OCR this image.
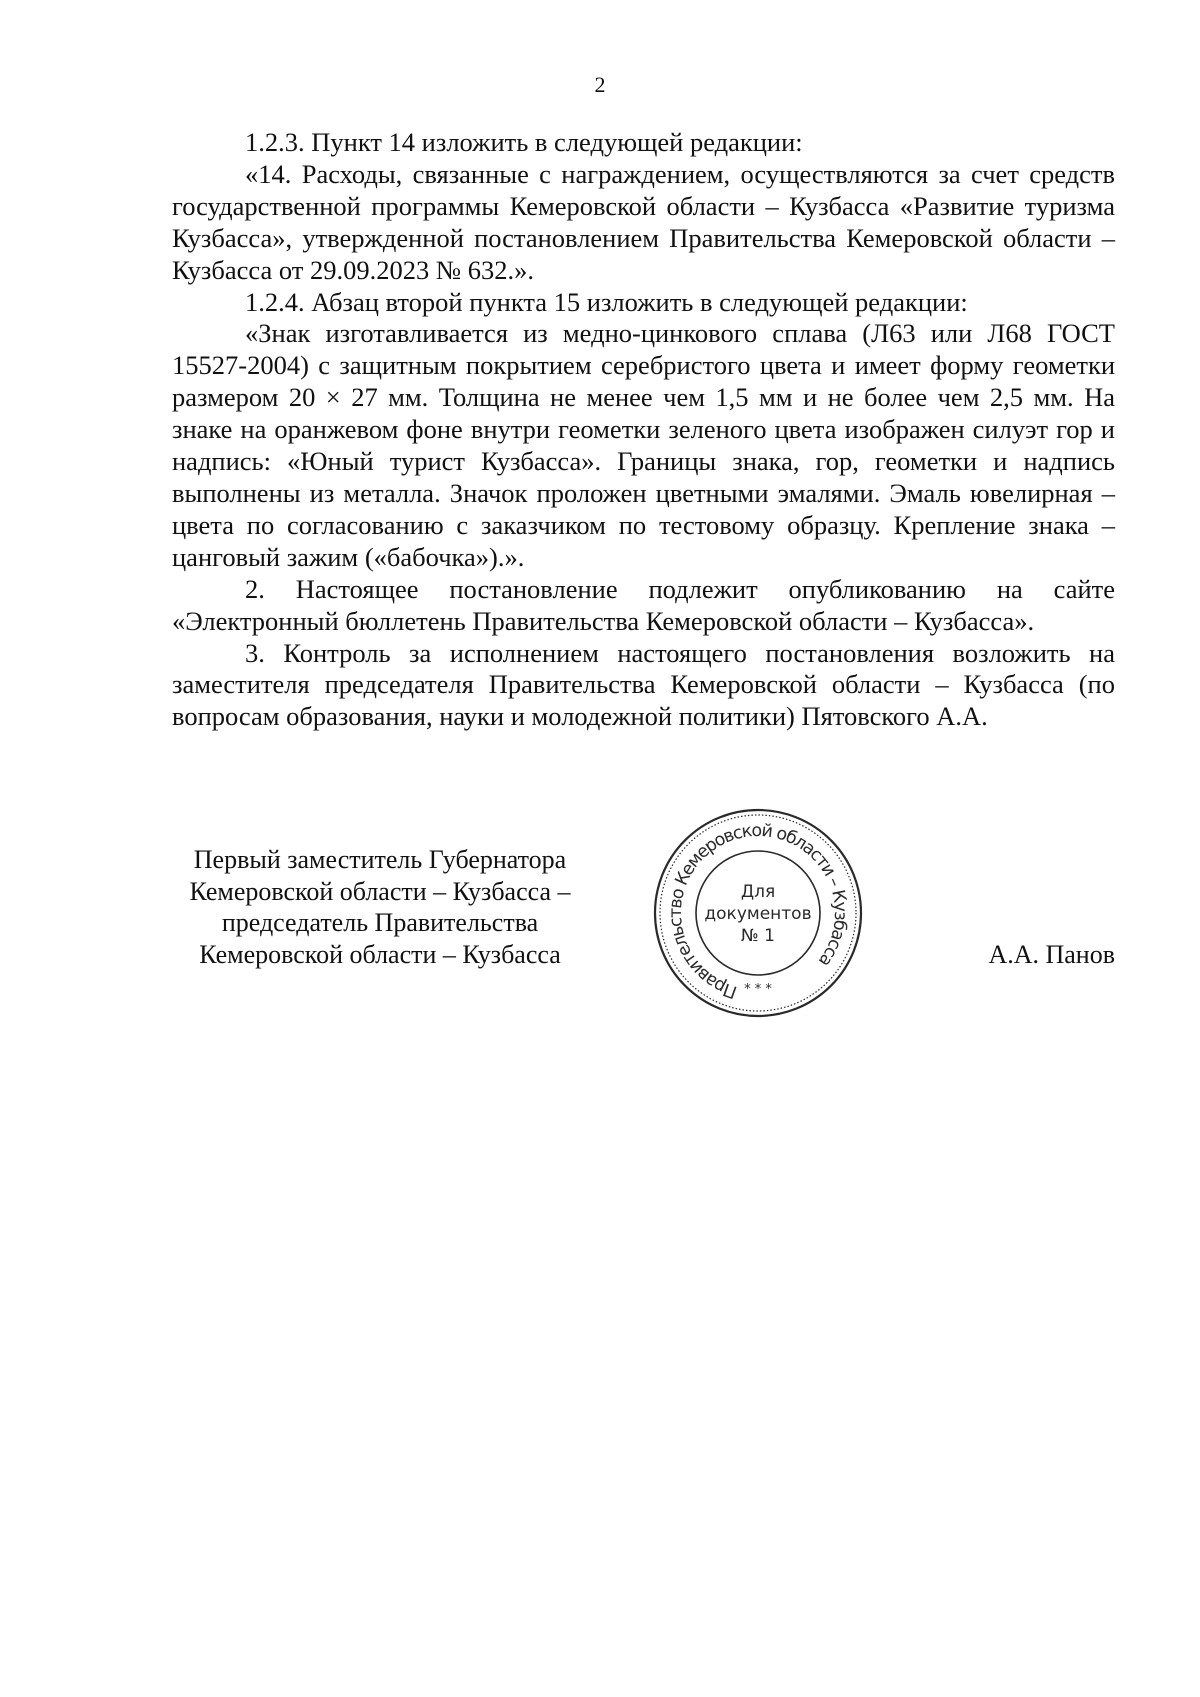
2

1.2.3. Пункт 14 изложить в следующей редакции:

«14. Расходы, связанные с награждением, осуществляются за счет средств государственной программы Кемеровской области – Кузбасса «Развитие туризма Кузбасса», утвержденной постановлением Правительства Кемеровской области – Кузбасса от 29.09.2023 № 632.».

1.2.4. Абзац второй пункта 15 изложить в следующей редакции:

«Знак изготавливается из медно-цинкового сплава (Л63 или Л68 ГОСТ 15527-2004) с защитным покрытием серебристого цвета и имеет форму геометки размером 20 × 27 мм. Толщина не менее чем 1,5 мм и не более чем 2,5 мм. На знаке на оранжевом фоне внутри геометки зеленого цвета изображен силуэт гор и надпись: «Юный турист Кузбасса». Границы знака, гор, геометки и надпись выполнены из металла. Значок проложен цветными эмалями. Эмаль ювелирная – цвета по согласованию с заказчиком по тестовому образцу. Крепление знака – цанговый зажим («бабочка»).».

2. Настоящее постановление подлежит опубликованию на сайте «Электронный бюллетень Правительства Кемеровской области – Кузбасса».

3. Контроль за исполнением настоящего постановления возложить на заместителя председателя Правительства Кемеровской области – Кузбасса (по вопросам образования, науки и молодежной политики) Пятовского А.А.

Первый заместитель Губернатора
Кемеровской области – Кузбасса –
председатель Правительства
Кемеровской области – Кузбасса	А.А. Панов
Правительство Кемеровской области – Кузбасса
* * *
Для
документов
№ 1
